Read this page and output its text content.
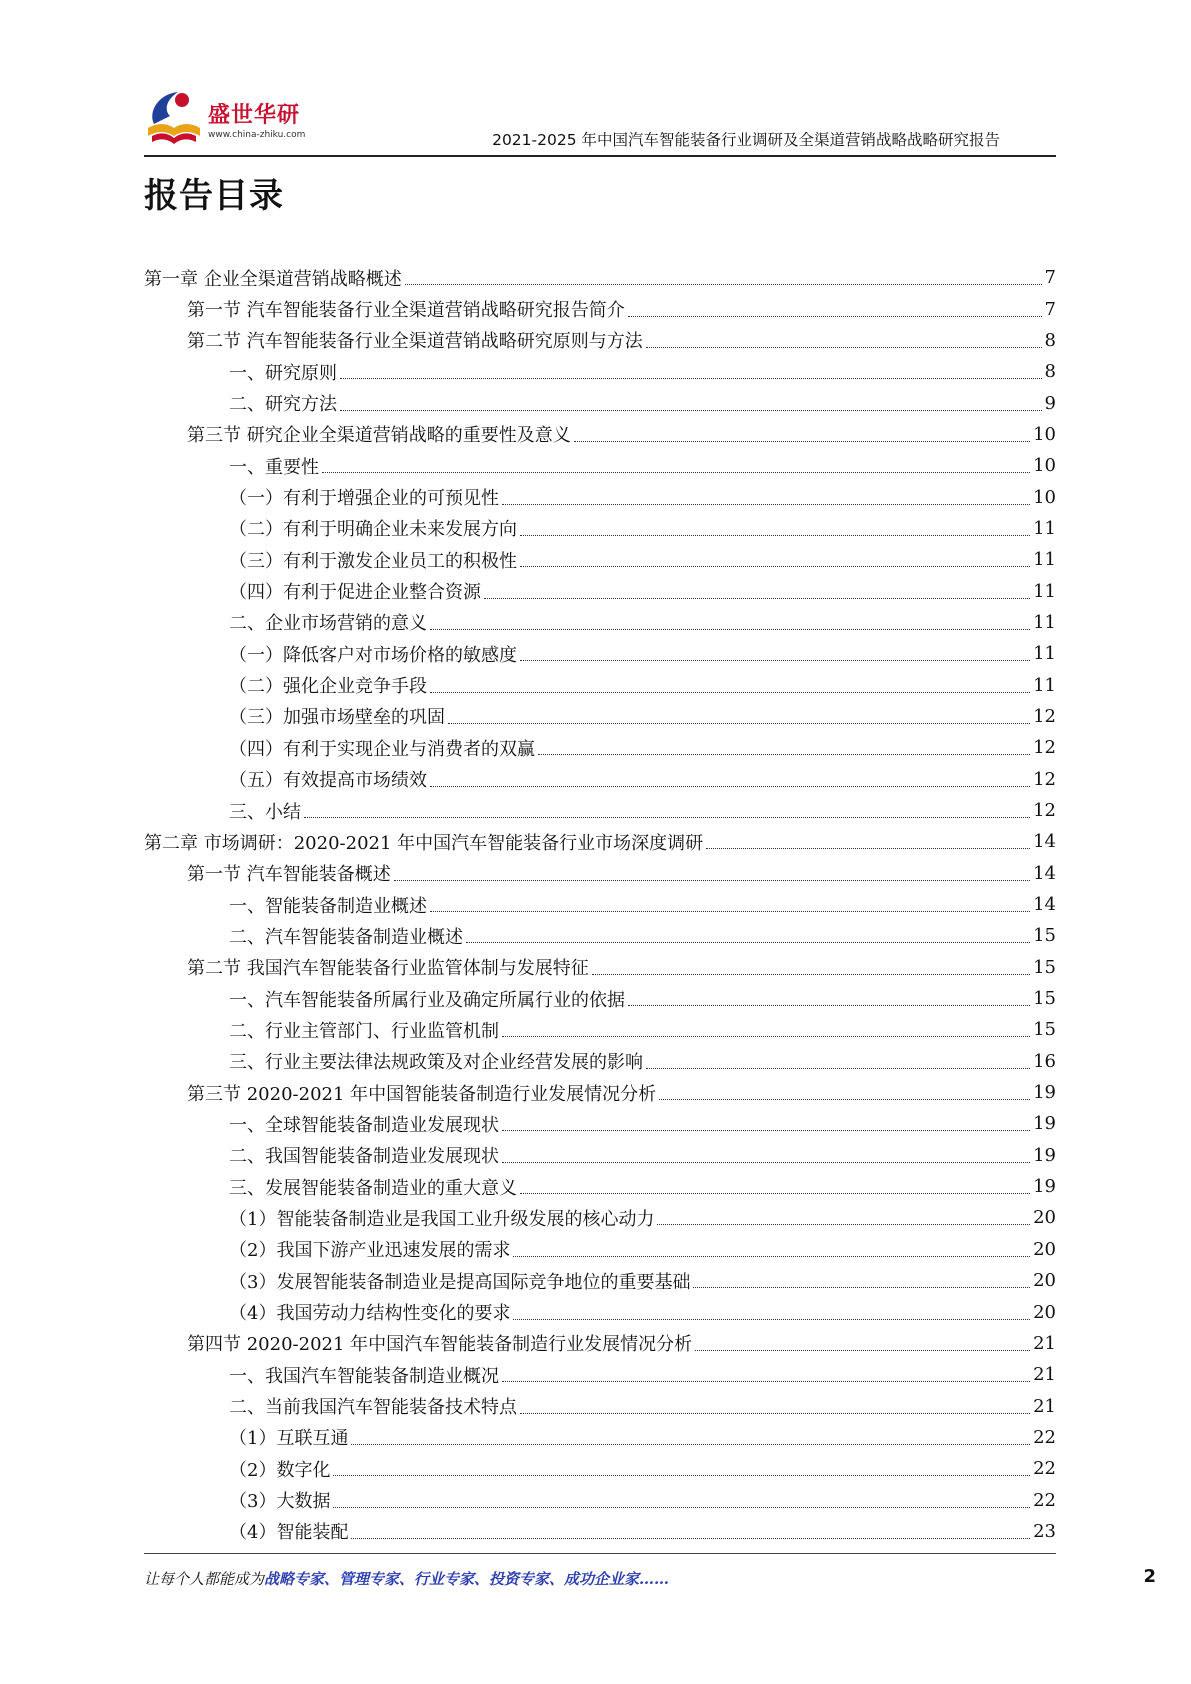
盛世华研
www.china-zhiku.com	2021-2025 年中国汽车智能装备行业调研及全渠道营销战略战略研究报告
报告目录
第一章 企业全渠道营销战略概述	7
第一节 汽车智能装备行业全渠道营销战略研究报告简介	7
第二节 汽车智能装备行业全渠道营销战略研究原则与方法	8
一、研究原则	8
二、研究方法	9
第三节 研究企业全渠道营销战略的重要性及意义	10
一、重要性	10
（一）有利于增强企业的可预见性	10
（二）有利于明确企业未来发展方向	11
（三）有利于激发企业员工的积极性	11
（四）有利于促进企业整合资源	11
二、企业市场营销的意义	11
（一）降低客户对市场价格的敏感度	11
（二）强化企业竞争手段	11
（三）加强市场壁垒的巩固	12
（四）有利于实现企业与消费者的双赢	12
（五）有效提高市场绩效	12
三、小结	12
第二章 市场调研：2020-2021 年中国汽车智能装备行业市场深度调研	14
第一节 汽车智能装备概述	14
一、智能装备制造业概述	14
二、汽车智能装备制造业概述	15
第二节 我国汽车智能装备行业监管体制与发展特征	15
一、汽车智能装备所属行业及确定所属行业的依据	15
二、行业主管部门、行业监管机制	15
三、行业主要法律法规政策及对企业经营发展的影响	16
第三节 2020-2021 年中国智能装备制造行业发展情况分析	19
一、全球智能装备制造业发展现状	19
二、我国智能装备制造业发展现状	19
三、发展智能装备制造业的重大意义	19
（1）智能装备制造业是我国工业升级发展的核心动力	20
（2）我国下游产业迅速发展的需求	20
（3）发展智能装备制造业是提高国际竞争地位的重要基础	20
（4）我国劳动力结构性变化的要求	20
第四节 2020-2021 年中国汽车智能装备制造行业发展情况分析	21
一、我国汽车智能装备制造业概况	21
二、当前我国汽车智能装备技术特点	21
（1）互联互通	22
（2）数字化	22
（3）大数据	22
（4）智能装配	23
让每个人都能成为战略专家、管理专家、行业专家、投资专家、成功企业家……	2
